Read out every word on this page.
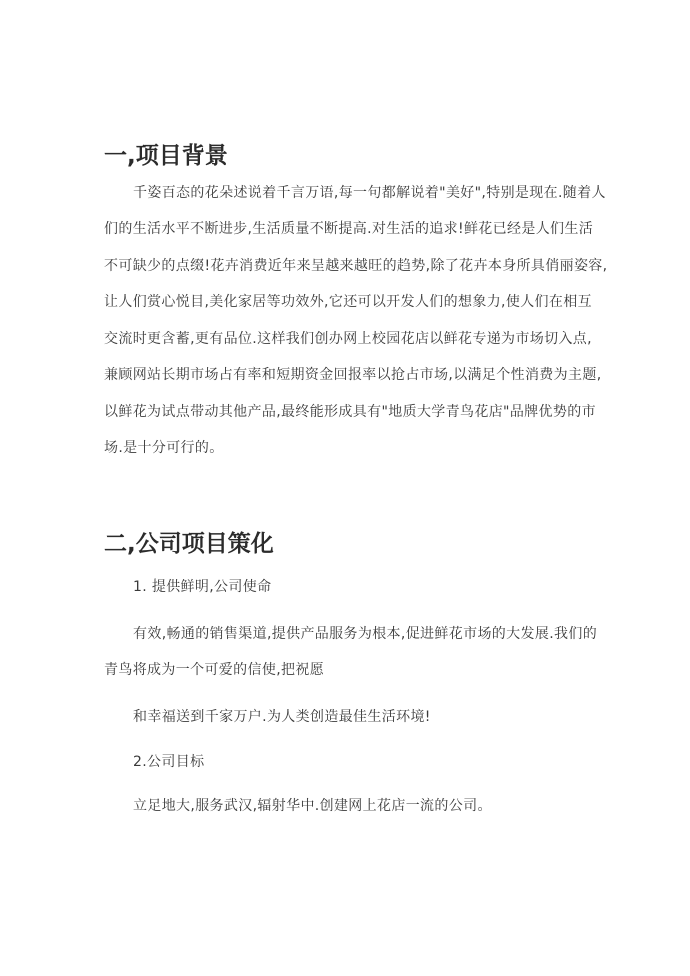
一,项目背景

千姿百态的花朵述说着千言万语,每一句都解说着"美好",特别是现在.随着人

们的生活水平不断进步,生活质量不断提高.对生活的追求!鲜花已经是人们生活

不可缺少的点缀!花卉消费近年来呈越来越旺的趋势,除了花卉本身所具俏丽姿容,

让人们赏心悦目,美化家居等功效外,它还可以开发人们的想象力,使人们在相互

交流时更含蓄,更有品位.这样我们创办网上校园花店以鲜花专递为市场切入点,

兼顾网站长期市场占有率和短期资金回报率以抢占市场,以满足个性消费为主题,

以鲜花为试点带动其他产品,最终能形成具有"地质大学青鸟花店"品牌优势的市

场.是十分可行的。

二,公司项目策化

1. 提供鲜明,公司使命

有效,畅通的销售渠道,提供产品服务为根本,促进鲜花市场的大发展.我们的

青鸟将成为一个可爱的信使,把祝愿

和幸福送到千家万户.为人类创造最佳生活环境!

2.公司目标

立足地大,服务武汉,辐射华中.创建网上花店一流的公司。
